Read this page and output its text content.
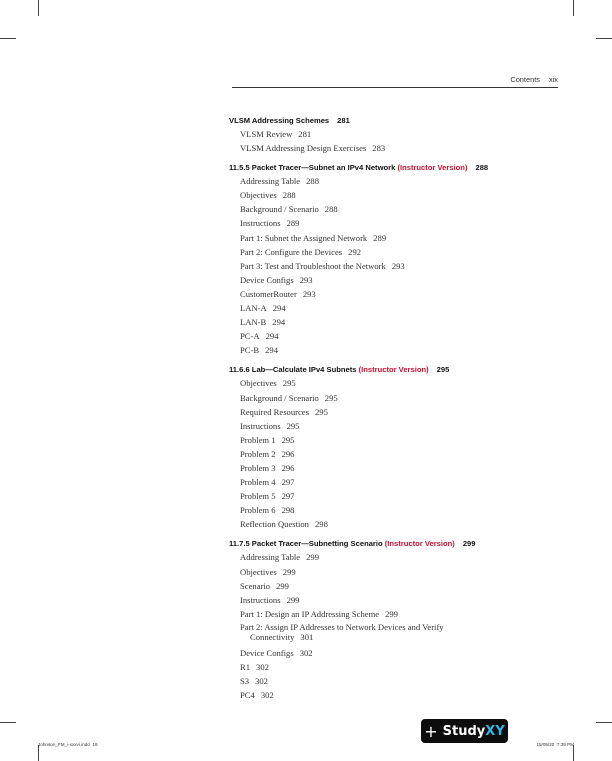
Contents xix
VLSM Addressing Schemes 281
VLSM Review 281
VLSM Addressing Design Exercises 283
11.5.5 Packet Tracer—Subnet an IPv4 Network (Instructor Version) 288
Addressing Table 288
Objectives 288
Background / Scenario 288
Instructions 289
Part 1: Subnet the Assigned Network 289
Part 2: Configure the Devices 292
Part 3: Test and Troubleshoot the Network 293
Device Configs 293
CustomerRouter 293
LAN-A 294
LAN-B 294
PC-A 294
PC-B 294
11.6.6 Lab—Calculate IPv4 Subnets (Instructor Version) 295
Objectives 295
Background / Scenario 295
Required Resources 295
Instructions 295
Problem 1 295
Problem 2 296
Problem 3 296
Problem 4 297
Problem 5 297
Problem 6 298
Reflection Question 298
11.7.5 Packet Tracer—Subnetting Scenario (Instructor Version) 299
Addressing Table 299
Objectives 299
Scenario 299
Instructions 299
Part 1: Design an IP Addressing Scheme 299
Part 2: Assign IP Addresses to Network Devices and Verify Connectivity 301
Device Configs 302
R1 302
S3 302
PC4 302
+ Study XY
Johnson_FM_i-xxxvi.indd 19	15/05/20 7:39 PM
